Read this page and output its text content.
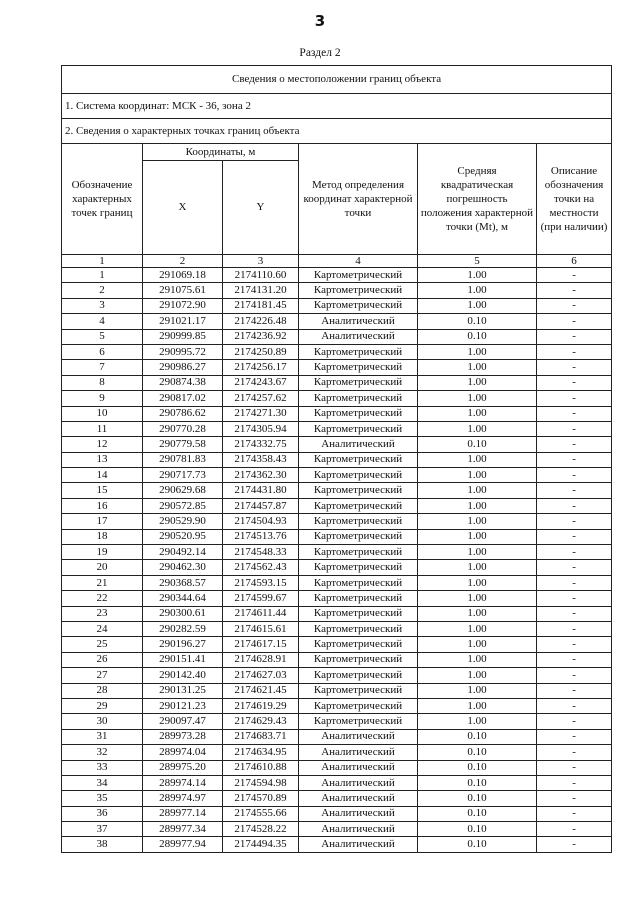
3
Раздел 2
Сведения о местоположении границ объекта					
1. Система координат: МСК - 36, зона 2					
2. Сведения о характерных точках границ объекта					
Обозначение характерных точек границ	Координаты, м		Метод определения координат характерной точки	Средняя квадратическая погрешность положения характерной точки (Mt), м	Описание обозначения точки на местности (при наличии)
	X	Y			
1	2	3	4	5	6
1	291069.18	2174110.60	Картометрический	1.00	-
2	291075.61	2174131.20	Картометрический	1.00	-
3	291072.90	2174181.45	Картометрический	1.00	-
4	291021.17	2174226.48	Аналитический	0.10	-
5	290999.85	2174236.92	Аналитический	0.10	-
6	290995.72	2174250.89	Картометрический	1.00	-
7	290986.27	2174256.17	Картометрический	1.00	-
8	290874.38	2174243.67	Картометрический	1.00	-
9	290817.02	2174257.62	Картометрический	1.00	-
10	290786.62	2174271.30	Картометрический	1.00	-
11	290770.28	2174305.94	Картометрический	1.00	-
12	290779.58	2174332.75	Аналитический	0.10	-
13	290781.83	2174358.43	Картометрический	1.00	-
14	290717.73	2174362.30	Картометрический	1.00	-
15	290629.68	2174431.80	Картометрический	1.00	-
16	290572.85	2174457.87	Картометрический	1.00	-
17	290529.90	2174504.93	Картометрический	1.00	-
18	290520.95	2174513.76	Картометрический	1.00	-
19	290492.14	2174548.33	Картометрический	1.00	-
20	290462.30	2174562.43	Картометрический	1.00	-
21	290368.57	2174593.15	Картометрический	1.00	-
22	290344.64	2174599.67	Картометрический	1.00	-
23	290300.61	2174611.44	Картометрический	1.00	-
24	290282.59	2174615.61	Картометрический	1.00	-
25	290196.27	2174617.15	Картометрический	1.00	-
26	290151.41	2174628.91	Картометрический	1.00	-
27	290142.40	2174627.03	Картометрический	1.00	-
28	290131.25	2174621.45	Картометрический	1.00	-
29	290121.23	2174619.29	Картометрический	1.00	-
30	290097.47	2174629.43	Картометрический	1.00	-
31	289973.28	2174683.71	Аналитический	0.10	-
32	289974.04	2174634.95	Аналитический	0.10	-
33	289975.20	2174610.88	Аналитический	0.10	-
34	289974.14	2174594.98	Аналитический	0.10	-
35	289974.97	2174570.89	Аналитический	0.10	-
36	289977.14	2174555.66	Аналитический	0.10	-
37	289977.34	2174528.22	Аналитический	0.10	-
38	289977.94	2174494.35	Аналитический	0.10	-
